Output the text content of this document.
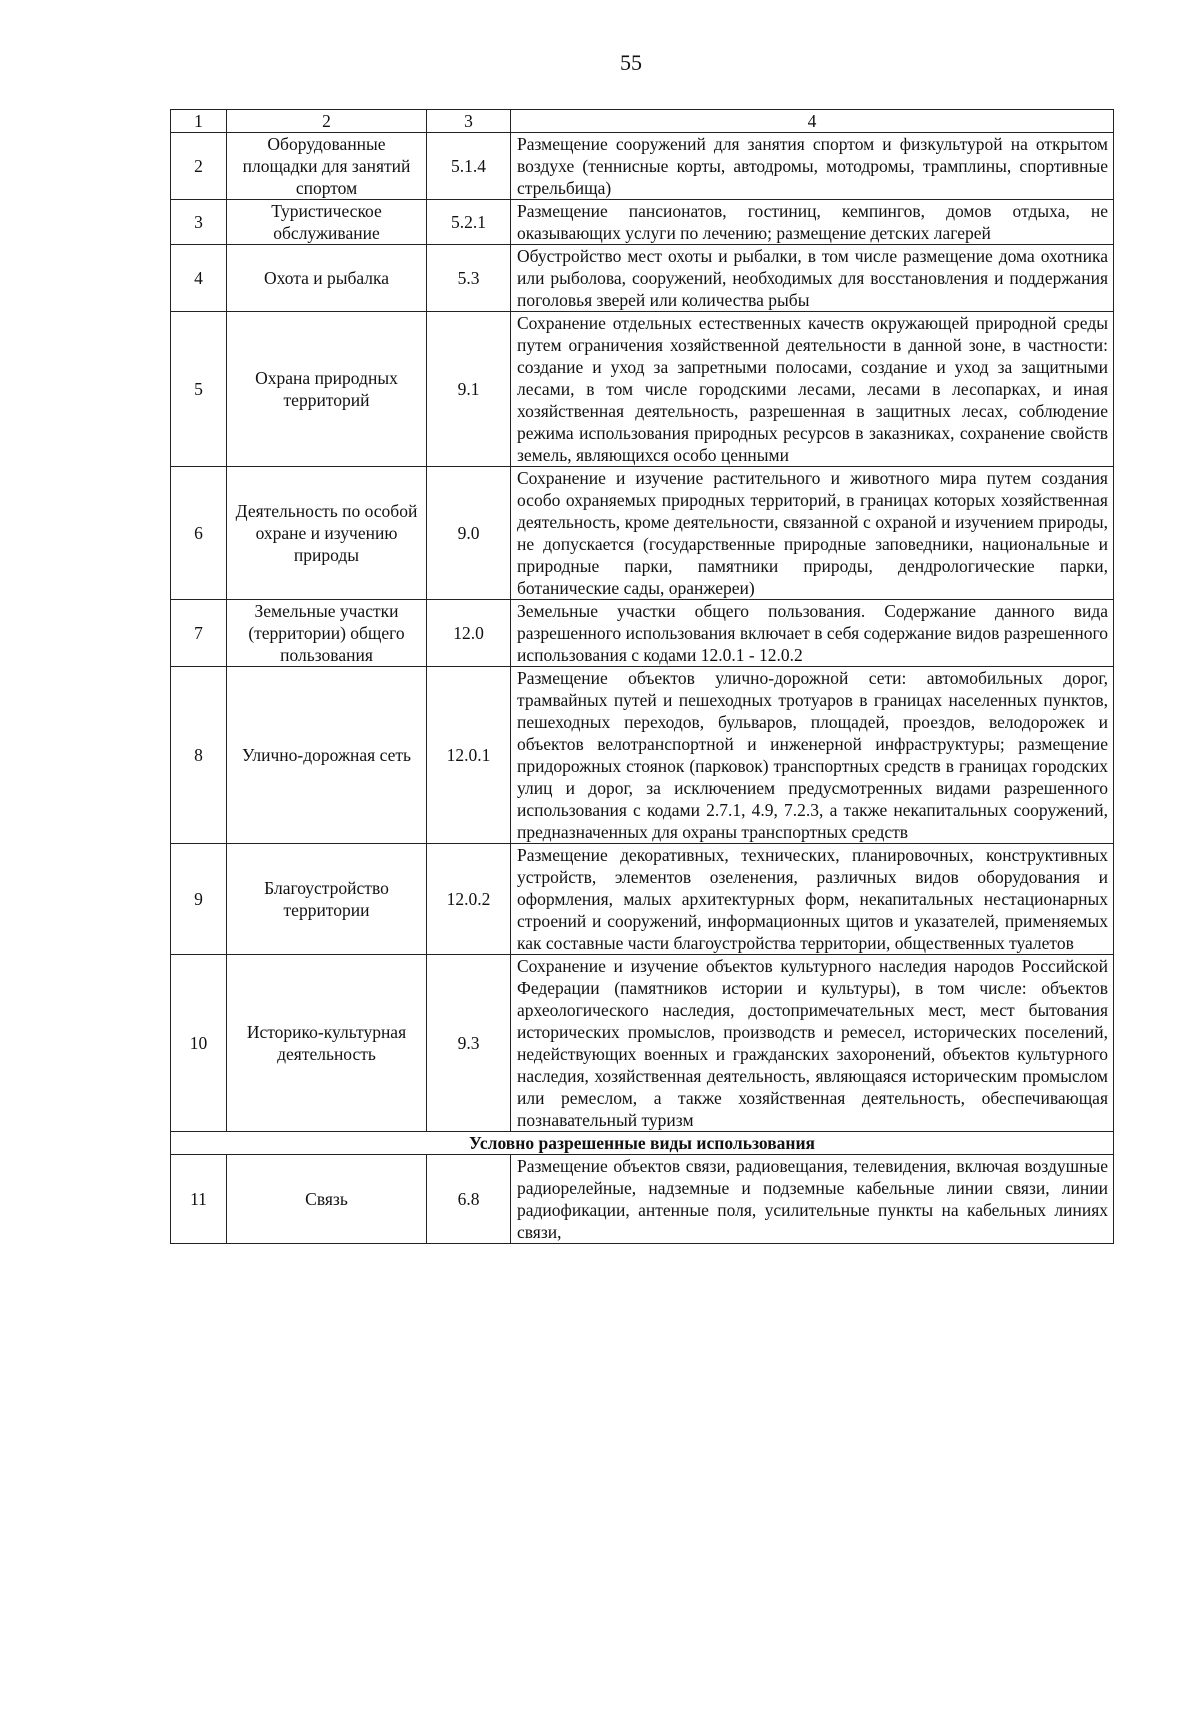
55
1	2	3	4
2	Оборудованные площадки для занятий спортом	5.1.4	Размещение сооружений для занятия спортом и физкультурой на открытом воздухе (теннисные корты, автодромы, мотодромы, трамплины, спортивные стрельбища)
3	Туристическое обслуживание	5.2.1	Размещение пансионатов, гостиниц, кемпингов, домов отдыха, не оказывающих услуги по лечению; размещение детских лагерей
4	Охота и рыбалка	5.3	Обустройство мест охоты и рыбалки, в том числе размещение дома охотника или рыболова, сооружений, необходимых для восстановления и поддержания поголовья зверей или количества рыбы
5	Охрана природных территорий	9.1	Сохранение отдельных естественных качеств окружающей природной среды путем ограничения хозяйственной деятельности в данной зоне, в частности: создание и уход за запретными полосами, создание и уход за защитными лесами, в том числе городскими лесами, лесами в лесопарках, и иная хозяйственная деятельность, разрешенная в защитных лесах, соблюдение режима использования природных ресурсов в заказниках, сохранение свойств земель, являющихся особо ценными
6	Деятельность по особой охране и изучению природы	9.0	Сохранение и изучение растительного и животного мира путем создания особо охраняемых природных территорий, в границах которых хозяйственная деятельность, кроме деятельности, связанной с охраной и изучением природы, не допускается (государственные природные заповедники, национальные и природные парки, памятники природы, дендрологические парки, ботанические сады, оранжереи)
7	Земельные участки (территории) общего пользования	12.0	Земельные участки общего пользования. Содержание данного вида разрешенного использования включает в себя содержание видов разрешенного использования с кодами 12.0.1 - 12.0.2
8	Улично-дорожная сеть	12.0.1	Размещение объектов улично-дорожной сети: автомобильных дорог, трамвайных путей и пешеходных тротуаров в границах населенных пунктов, пешеходных переходов, бульваров, площадей, проездов, велодорожек и объектов велотранспортной и инженерной инфраструктуры; размещение придорожных стоянок (парковок) транспортных средств в границах городских улиц и дорог, за исключением предусмотренных видами разрешенного использования с кодами 2.7.1, 4.9, 7.2.3, а также некапитальных сооружений, предназначенных для охраны транспортных средств
9	Благоустройство территории	12.0.2	Размещение декоративных, технических, планировочных, конструктивных устройств, элементов озеленения, различных видов оборудования и оформления, малых архитектурных форм, некапитальных нестационарных строений и сооружений, информационных щитов и указателей, применяемых как составные части благоустройства территории, общественных туалетов
10	Историко-культурная деятельность	9.3	Сохранение и изучение объектов культурного наследия народов Российской Федерации (памятников истории и культуры), в том числе: объектов археологического наследия, достопримечательных мест, мест бытования исторических промыслов, производств и ремесел, исторических поселений, недействующих военных и гражданских захоронений, объектов культурного наследия, хозяйственная деятельность, являющаяся историческим промыслом или ремеслом, а также хозяйственная деятельность, обеспечивающая познавательный туризм
Условно разрешенные виды использования			
11	Связь	6.8	Размещение объектов связи, радиовещания, телевидения, включая воздушные радиорелейные, надземные и подземные кабельные линии связи, линии радиофикации, антенные поля, усилительные пункты на кабельных линиях связи,
